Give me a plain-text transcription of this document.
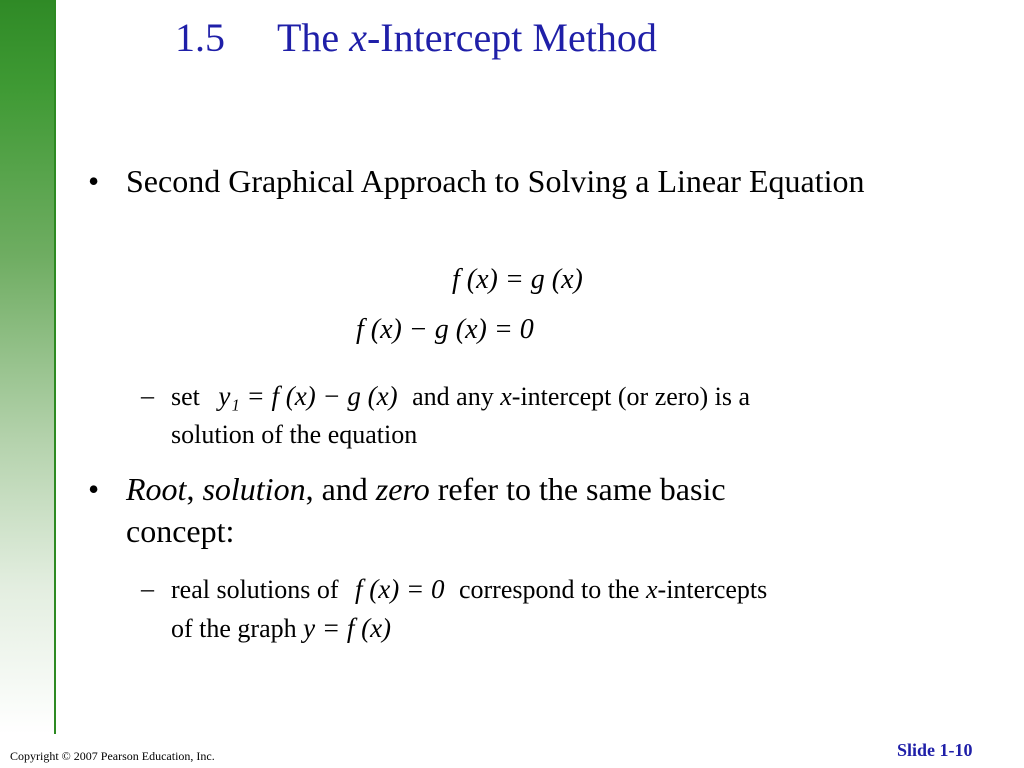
1.5 The x-Intercept Method
• Second Graphical Approach to Solving a Linear Equation
f (x) = g (x)
f (x) − g (x) = 0
– set y₁ = f (x) − g (x) and any x-intercept (or zero) is a
solution of the equation
• Root, solution, and zero refer to the same basic
concept:
– real solutions of f (x) = 0 correspond to the x-intercepts
of the graph y = f (x)
Copyright © 2007 Pearson Education, Inc.	Slide 1-10
